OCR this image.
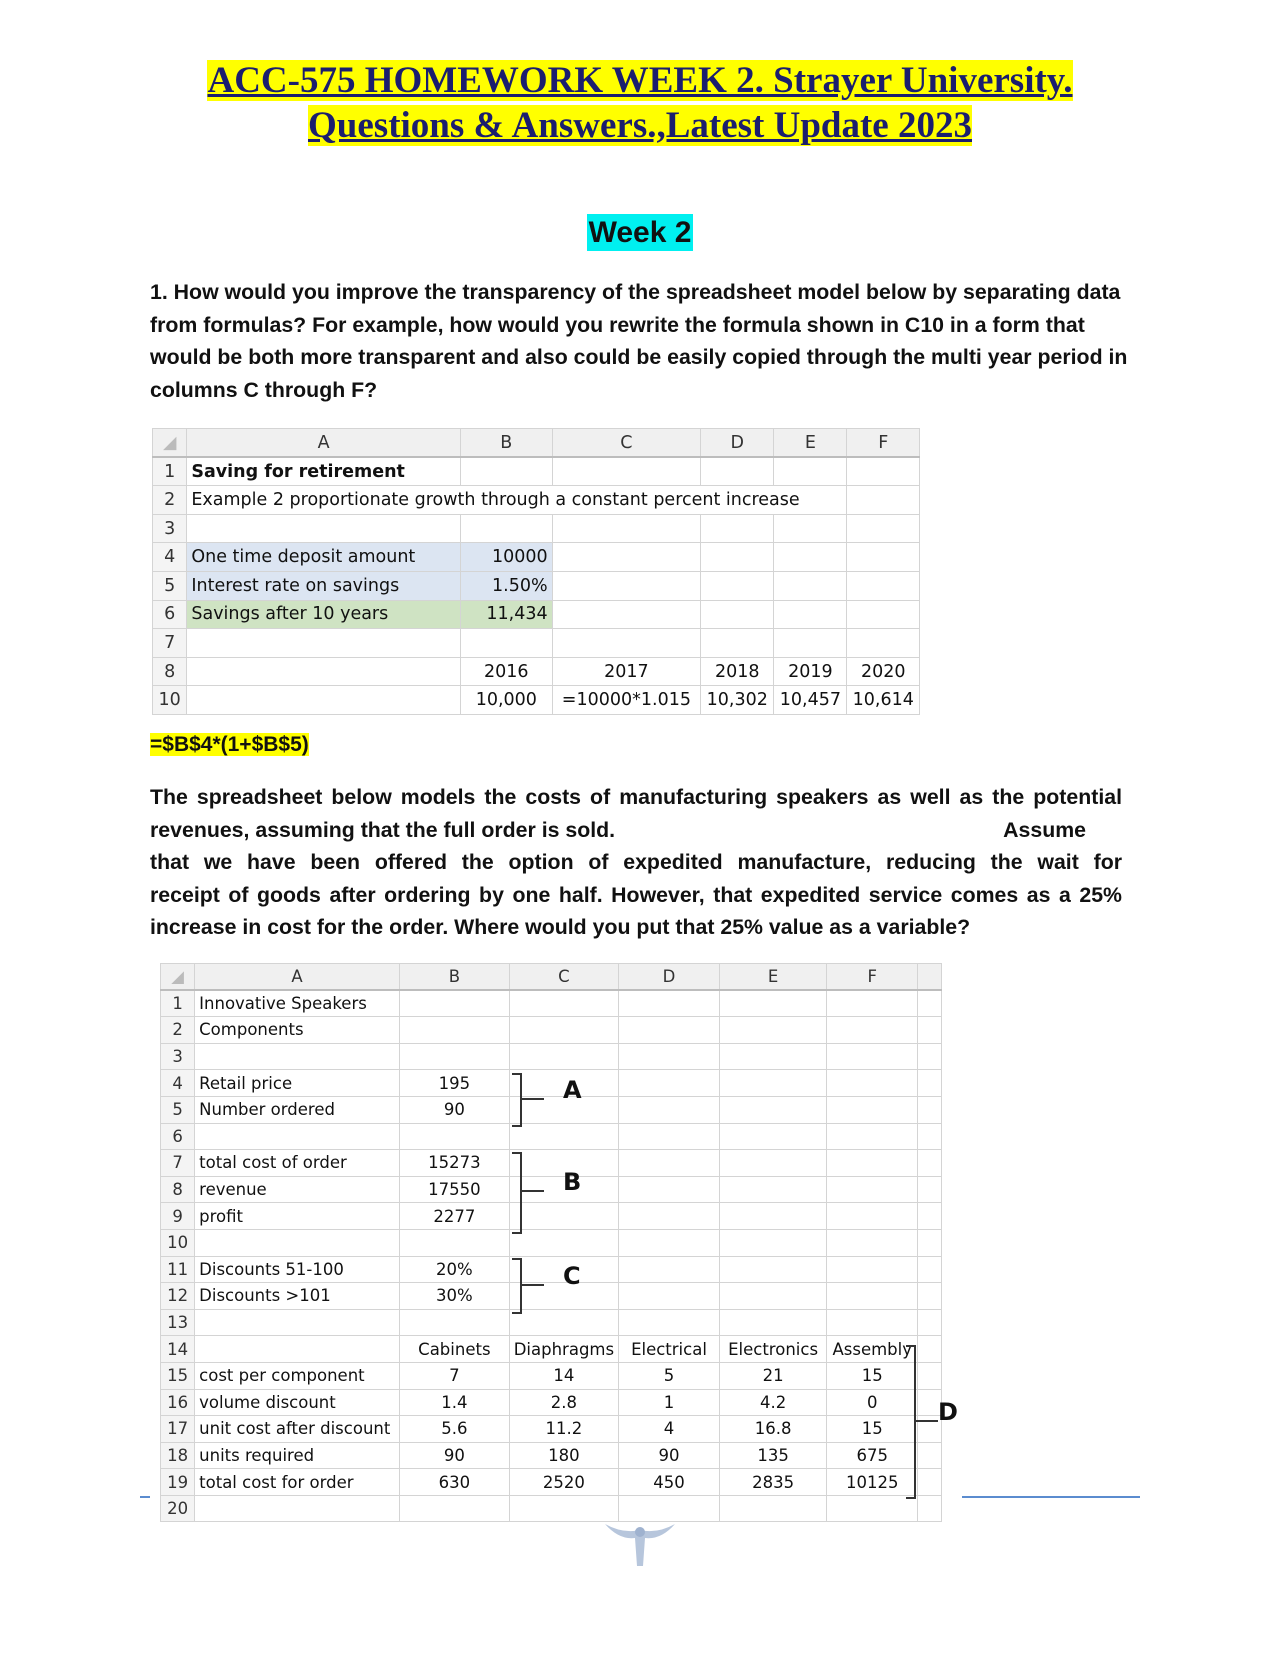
ACC-575 HOMEWORK WEEK 2. Strayer University.
Questions & Answers.,Latest Update 2023
Week 2
1. How would you improve the transparency of the spreadsheet model below by separating data from formulas? For example, how would you rewrite the formula shown in C10 in a form that would be both more transparent and also could be easily copied through the multi year period in columns C through F?
◢	A	B	C	D	E	F
1	Saving for retirement					
2	Example 2 proportionate growth through a constant percent increase					
3						
4	One time deposit amount	10000				
5	Interest rate on savings	1.50%				
6	Savings after 10 years	11,434				
7						
8		2016	2017	2018	2019	2020
10		10,000	=10000*1.015	10,302	10,457	10,614
=$B$4*(1+$B$5)
The spreadsheet below models the costs of manufacturing speakers as well as the potential
revenues, assuming that the full order is sold.	Assume
that we have been offered the option of expedited manufacture, reducing the wait for
receipt of goods after ordering by one half. However, that expedited service comes as a 25%
increase in cost for the order. Where would you put that 25% value as a variable?
◢	A	B	C	D	E	F	
1	Innovative Speakers						
2	Components						
3							
4	Retail price	195					
5	Number ordered	90					
6							
7	total cost of order	15273					
8	revenue	17550					
9	profit	2277					
10							
11	Discounts 51-100	20%					
12	Discounts >101	30%					
13							
14		Cabinets	Diaphragms	Electrical	Electronics	Assembly	
15	cost per component	7	14	5	21	15	
16	volume discount	1.4	2.8	1	4.2	0	
17	unit cost after discount	5.6	11.2	4	16.8	15	
18	units required	90	180	90	135	675	
19	total cost for order	630	2520	450	2835	10125	
20							
A
B
C
D
